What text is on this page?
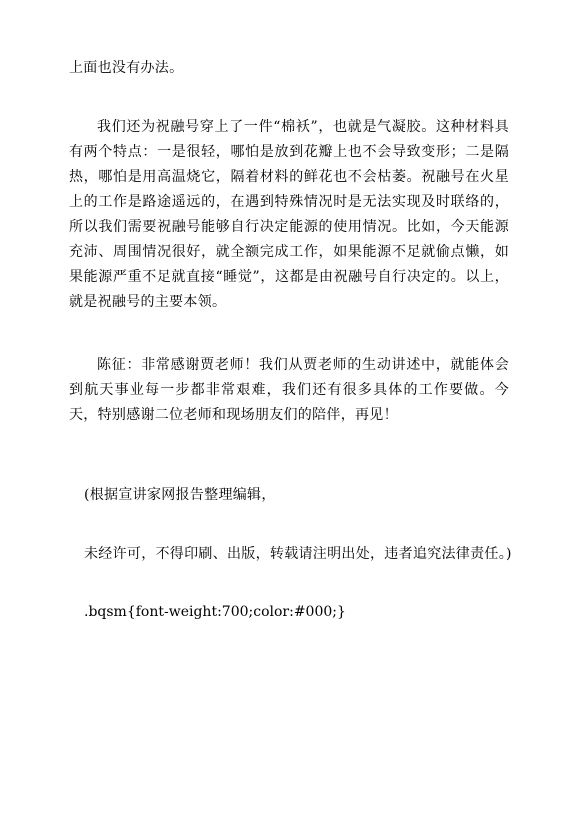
上面也没有办法。

我们还为祝融号穿上了一件“棉袄”，也就是气凝胶。这种材料具有两个特点：一是很轻，哪怕是放到花瓣上也不会导致变形；二是隔热，哪怕是用高温烧它，隔着材料的鲜花也不会枯萎。祝融号在火星上的工作是路途遥远的，在遇到特殊情况时是无法实现及时联络的，所以我们需要祝融号能够自行决定能源的使用情况。比如，今天能源充沛、周围情况很好，就全额完成工作，如果能源不足就偷点懒，如果能源严重不足就直接“睡觉”，这都是由祝融号自行决定的。以上，就是祝融号的主要本领。

陈征：非常感谢贾老师！我们从贾老师的生动讲述中，就能体会到航天事业每一步都非常艰难，我们还有很多具体的工作要做。今天，特别感谢二位老师和现场朋友们的陪伴，再见！

(根据宣讲家网报告整理编辑，

未经许可，不得印刷、出版，转载请注明出处，违者追究法律责任。)

.bqsm{font-weight:700;color:#000;}
